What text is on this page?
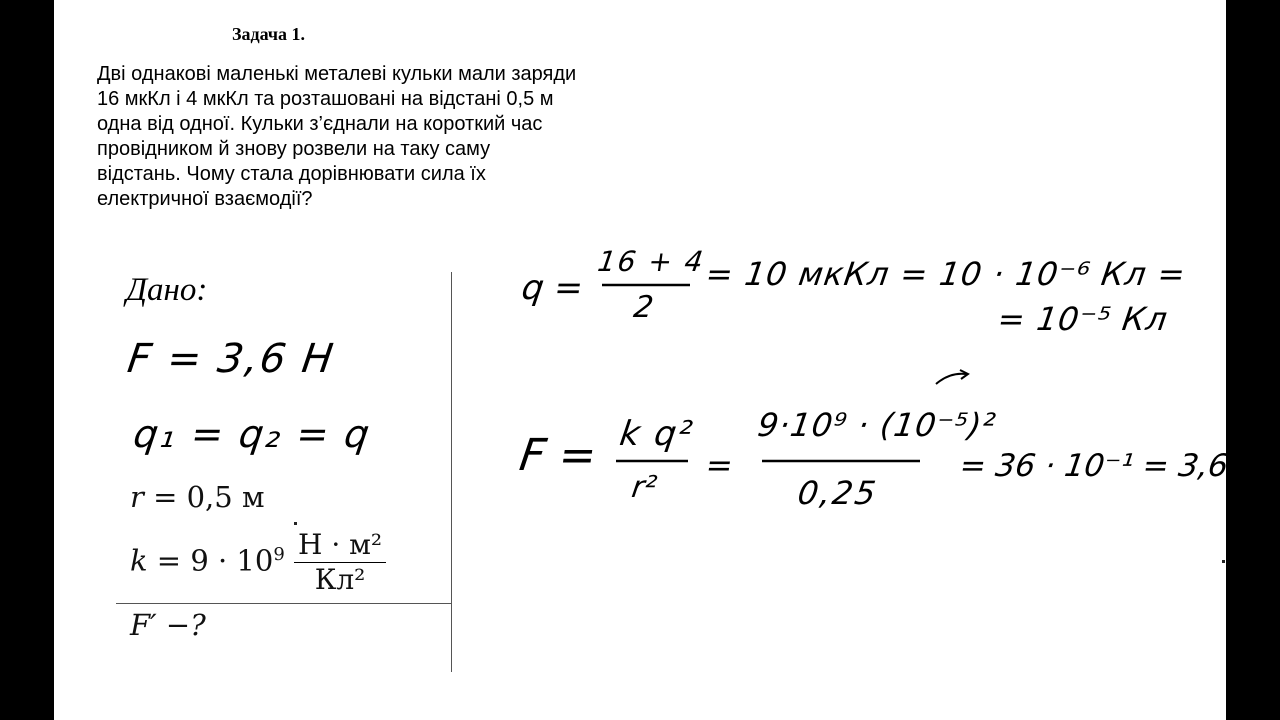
Задача 1.
Дві однакові маленькі металеві кульки мали заряди 16 мкКл і 4 мкКл та розташовані на відстані 0,5 м одна від одної. Кульки з’єднали на короткий час провідником й знову розвели на таку саму відстань. Чому стала дорівнювати сила їх електричної взаємодії?
Дано:
F = 3,6 Н
q₁ = q₂ = q
r = 0,5 м
$k = 9 \cdot 10^9 \frac{\text{Н · м²}}{\text{Кл²}}$
F′ −?
q =
16 + 4
2
= 10 мкКл = 10 · 10⁻⁶ Кл =
= 10⁻⁵ Кл
F = k q²
r²
=
9·10⁹ · (10⁻⁵)²
0,25
= 36 · 10⁻¹ = 3,6 Н
